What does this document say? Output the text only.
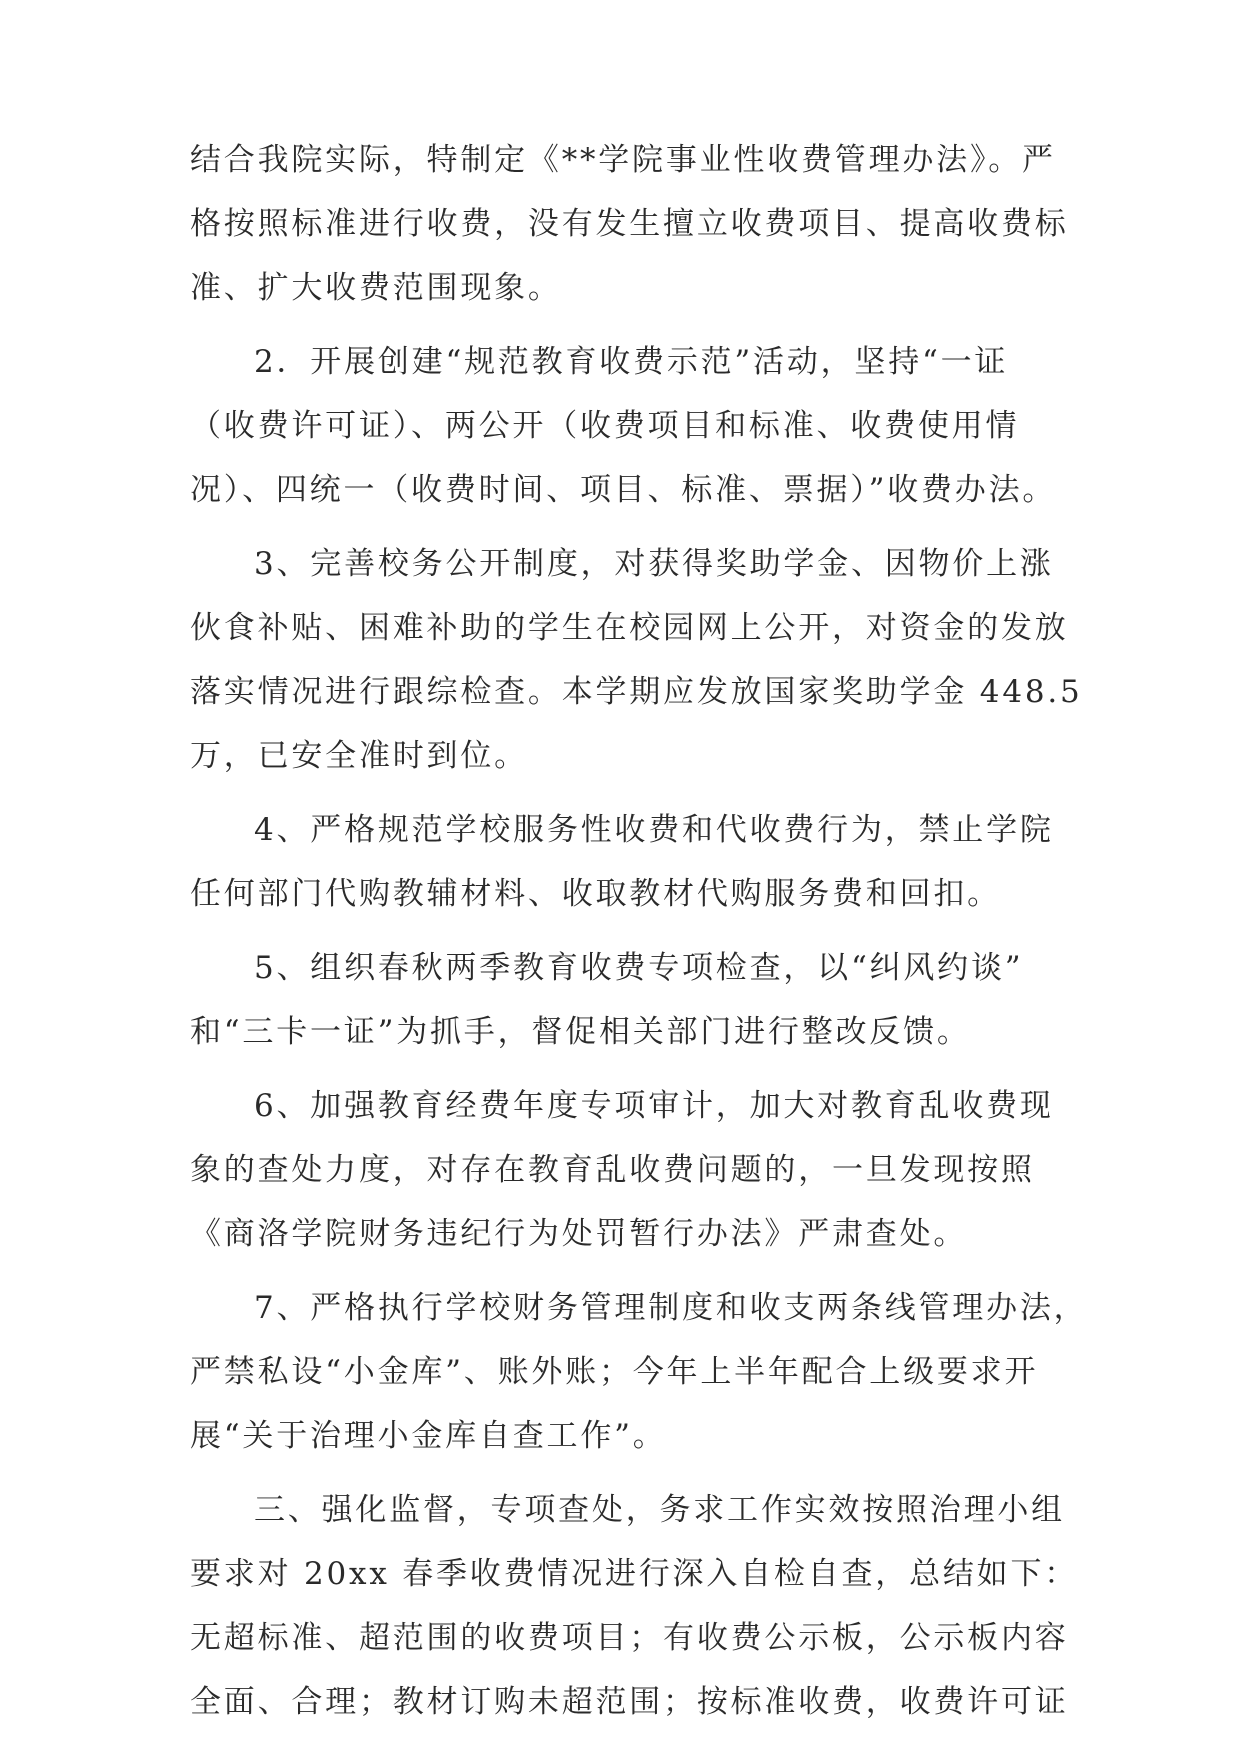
结合我院实际，特制定《**学院事业性收费管理办法》。严
格按照标准进行收费，没有发生擅立收费项目、提高收费标
准、扩大收费范围现象。
2．开展创建“规范教育收费示范”活动，坚持“一证
（收费许可证）、两公开（收费项目和标准、收费使用情
况）、四统一（收费时间、项目、标准、票据）”收费办法。
3、完善校务公开制度，对获得奖助学金、因物价上涨
伙食补贴、困难补助的学生在校园网上公开，对资金的发放
落实情况进行跟综检查。本学期应发放国家奖助学金 448.5
万，已安全准时到位。
4、严格规范学校服务性收费和代收费行为，禁止学院
任何部门代购教辅材料、收取教材代购服务费和回扣。
5、组织春秋两季教育收费专项检查，以“纠风约谈”
和“三卡一证”为抓手，督促相关部门进行整改反馈。
6、加强教育经费年度专项审计，加大对教育乱收费现
象的查处力度，对存在教育乱收费问题的，一旦发现按照
《商洛学院财务违纪行为处罚暂行办法》严肃查处。
7、严格执行学校财务管理制度和收支两条线管理办法，
严禁私设“小金库”、账外账；今年上半年配合上级要求开
展“关于治理小金库自查工作”。
三、强化监督，专项查处，务求工作实效按照治理小组
要求对 20xx 春季收费情况进行深入自检自查，总结如下：
无超标准、超范围的收费项目；有收费公示板，公示板内容
全面、合理；教材订购未超范围；按标准收费，收费许可证
